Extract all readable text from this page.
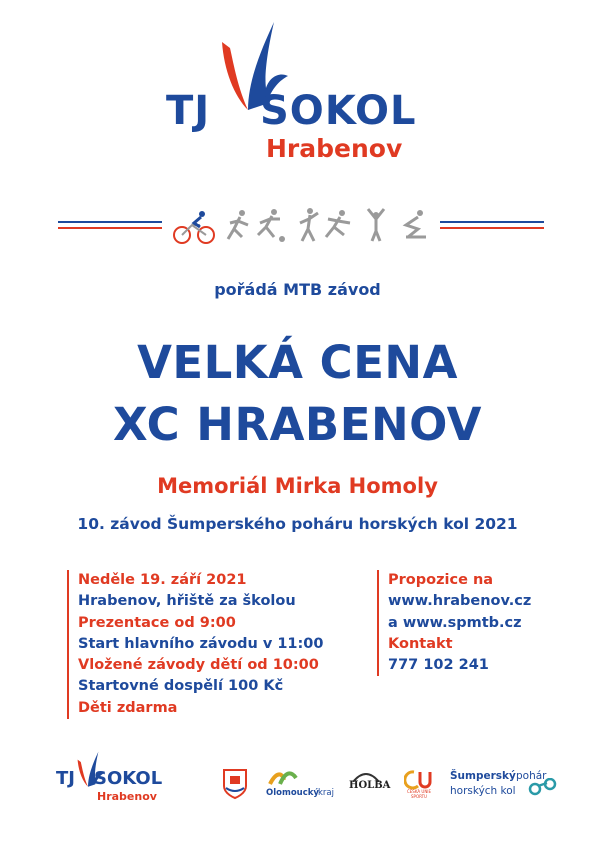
TJ SOKOL
Hrabenov
pořádá MTB závod
VELKÁ CENA
XC HRABENOV
Memoriál Mirka Homoly
10. závod Šumperského poháru horských kol 2021
Neděle 19. září 2021
Hrabenov, hřiště za školou
Prezentace od 9:00
Start hlavního závodu v 11:00
Vložené závody dětí od 10:00
Startovné dospělí 100 Kč
Děti zdarma
Propozice na
www.hrabenov.cz
a www.spmtb.cz
Kontakt
777 102 241
TJ SOKOL
Hrabenov	Olomoucký kraj
HOLBA
ČESKÁ UNIE SPORTU
Šumperský pohár
horských kol
